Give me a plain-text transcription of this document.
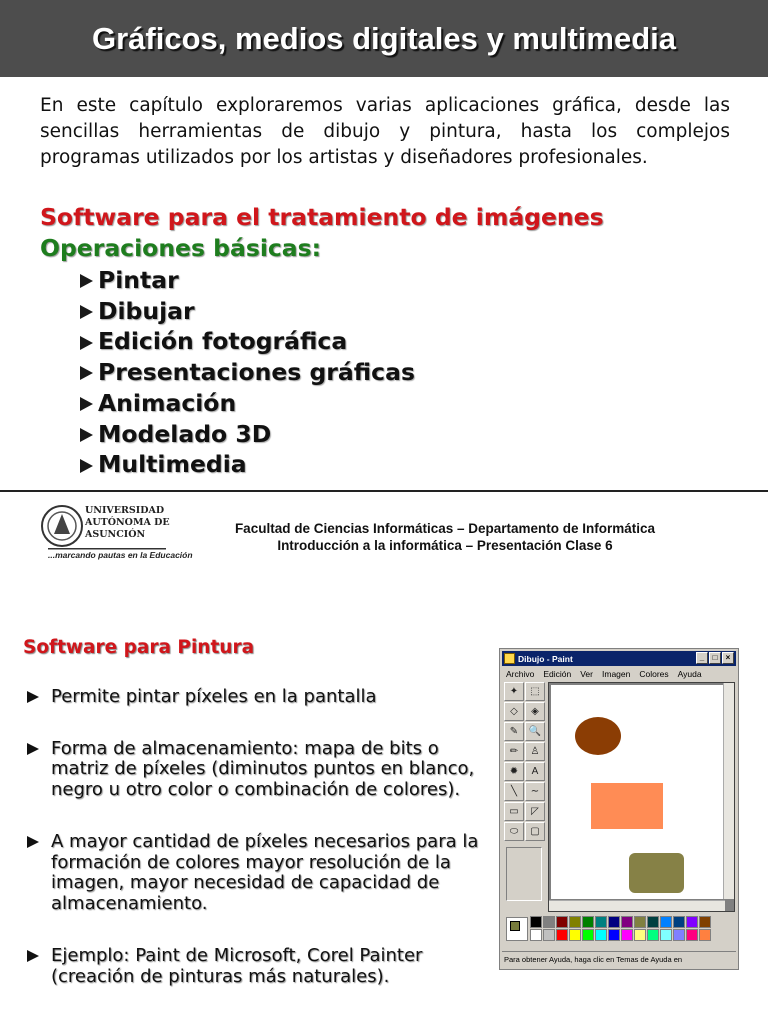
Gráficos, medios digitales y multimedia

En este capítulo exploraremos varias aplicaciones gráfica, desde las sencillas herramientas de dibujo y pintura, hasta los complejos programas utilizados por los artistas y diseñadores profesionales.

Software para el tratamiento de imágenes
Operaciones básicas:
Pintar
Dibujar
Edición fotográfica
Presentaciones gráficas
Animación
Modelado 3D
Multimedia
UNIVERSIDAD
AUTÓNOMA DE
ASUNCIÓN
...marcando pautas en la Educación
Facultad de Ciencias Informáticas – Departamento de Informática
Introducción a la informática – Presentación Clase 6
Software para Pintura
Permite pintar píxeles en la pantalla
Forma de almacenamiento: mapa de bits o matriz de píxeles (diminutos puntos en blanco, negro u otro color o combinación de colores).
A mayor cantidad de píxeles necesarios para la formación de colores mayor resolución de la imagen, mayor necesidad de capacidad de almacenamiento.
Ejemplo: Paint de Microsoft, Corel Painter (creación de pinturas más naturales).
Dibujo - Paint	_	□	×
Archivo Edición Ver Imagen Colores Ayuda
✦	⬚
◇	◈
✎	🔍
✏	♙
✹	A
╲	∼
▭	◸
⬭	▢
Para obtener Ayuda, haga clic en Temas de Ayuda en
